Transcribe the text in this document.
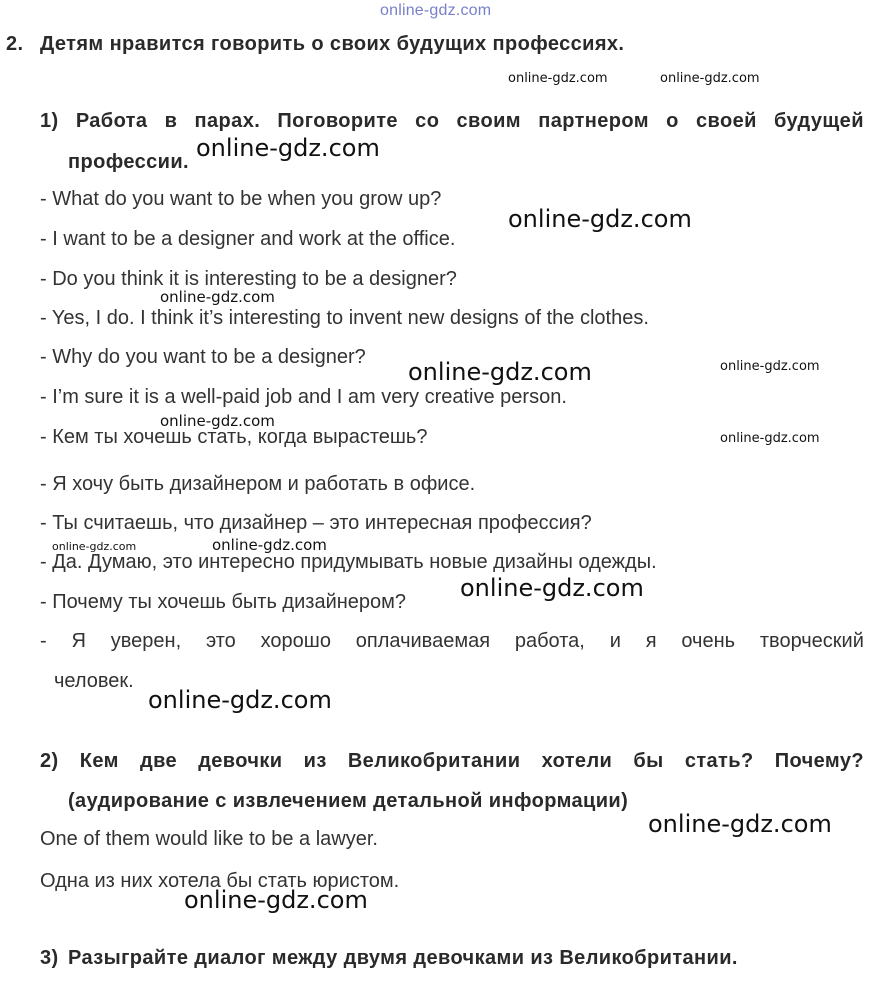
online-gdz.com
2. Детям нравится говорить о своих будущих профессиях.
1) Работа в парах. Поговорите со своим партнером о своей будущей
профессии.
- What do you want to be when you grow up?
- I want to be a designer and work at the office.
- Do you think it is interesting to be a designer?
- Yes, I do. I think it’s interesting to invent new designs of the clothes.
- Why do you want to be a designer?
- I’m sure it is a well-paid job and I am very creative person.
- Кем ты хочешь стать, когда вырастешь?
- Я хочу быть дизайнером и работать в офисе.
- Ты считаешь, что дизайнер – это интересная профессия?
- Да. Думаю, это интересно придумывать новые дизайны одежды.
- Почему ты хочешь быть дизайнером?
- Я уверен, это хорошо оплачиваемая работа, и я очень творческий
человек.
2) Кем две девочки из Великобритании хотели бы стать? Почему?
(аудирование с извлечением детальной информации)
One of them would like to be a lawyer.
Одна из них хотела бы стать юристом.
3) Разыграйте диалог между двумя девочками из Великобритании.
online-gdz.com	online-gdz.com
online-gdz.com
online-gdz.com
online-gdz.com
online-gdz.com
online-gdz.com
online-gdz.com
online-gdz.com
online-gdz.com	online-gdz.com
online-gdz.com
online-gdz.com
online-gdz.com
online-gdz.com
